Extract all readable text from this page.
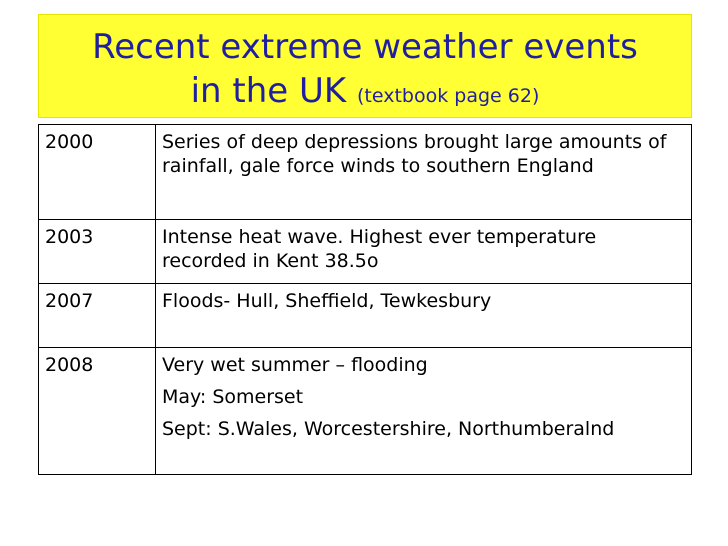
Recent extreme weather events
in the UK (textbook page 62)
2000	Series of deep depressions brought large amounts of rainfall, gale force winds to southern England
2003	Intense heat wave. Highest ever temperature recorded in Kent 38.5o
2007	Floods- Hull, Sheffield, Tewkesbury
2008	Very wet summer – flooding
May: Somerset
Sept: S.Wales, Worcestershire, Northumberalnd
